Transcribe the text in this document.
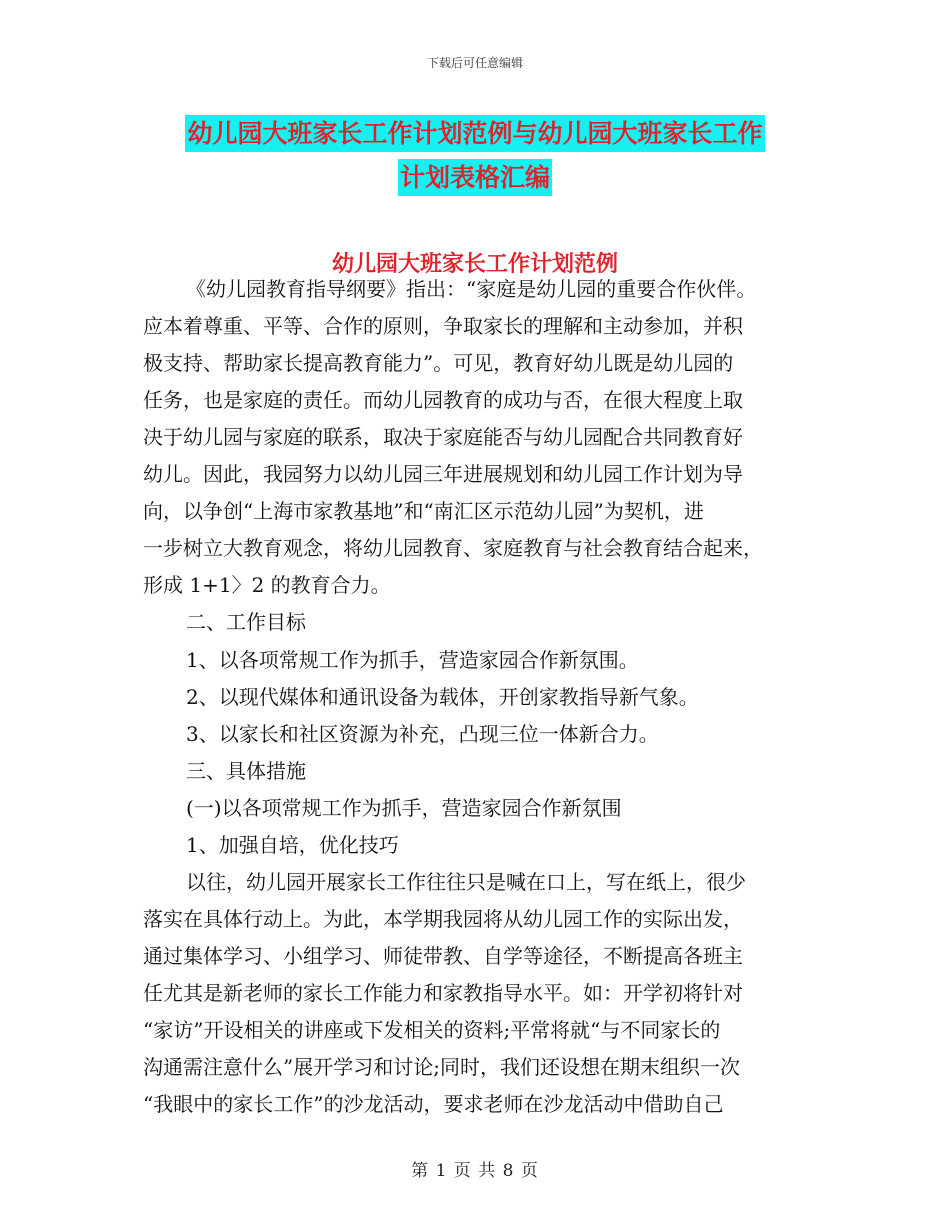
下载后可任意编辑
幼儿园大班家长工作计划范例与幼儿园大班家长工作
计划表格汇编
幼儿园大班家长工作计划范例
《幼儿园教育指导纲要》指出：“家庭是幼儿园的重要合作伙伴。
应本着尊重、平等、合作的原则，争取家长的理解和主动参加，并积
极支持、帮助家长提高教育能力”。可见，教育好幼儿既是幼儿园的
任务，也是家庭的责任。而幼儿园教育的成功与否，在很大程度上取
决于幼儿园与家庭的联系，取决于家庭能否与幼儿园配合共同教育好
幼儿。因此，我园努力以幼儿园三年进展规划和幼儿园工作计划为导
向，以争创“上海市家教基地”和“南汇区示范幼儿园”为契机，进
一步树立大教育观念，将幼儿园教育、家庭教育与社会教育结合起来，
形成 1+1〉2 的教育合力。
二、工作目标
1、以各项常规工作为抓手，营造家园合作新氛围。
2、以现代媒体和通讯设备为载体，开创家教指导新气象。
3、以家长和社区资源为补充，凸现三位一体新合力。
三、具体措施
(一)以各项常规工作为抓手，营造家园合作新氛围
1、加强自培，优化技巧
以往，幼儿园开展家长工作往往只是喊在口上，写在纸上，很少
落实在具体行动上。为此，本学期我园将从幼儿园工作的实际出发，
通过集体学习、小组学习、师徒带教、自学等途径，不断提高各班主
任尤其是新老师的家长工作能力和家教指导水平。如：开学初将针对
“家访”开设相关的讲座或下发相关的资料;平常将就“与不同家长的
沟通需注意什么”展开学习和讨论;同时，我们还设想在期末组织一次
“我眼中的家长工作”的沙龙活动，要求老师在沙龙活动中借助自己
第 1 页 共 8 页
